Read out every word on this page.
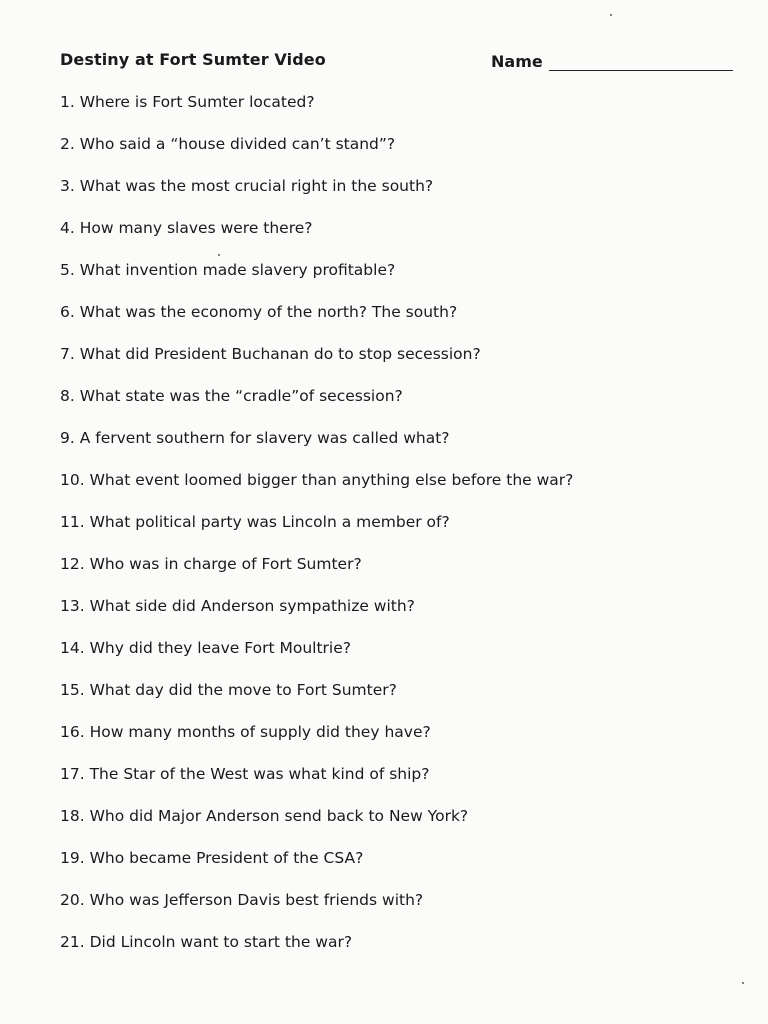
Destiny at Fort Sumter Video	Name
1. Where is Fort Sumter located?
2. Who said a “house divided can’t stand”?
3. What was the most crucial right in the south?
4. How many slaves were there?
5. What invention made slavery profitable?
6. What was the economy of the north? The south?
7. What did President Buchanan do to stop secession?
8. What state was the “cradle”of secession?
9. A fervent southern for slavery was called what?
10. What event loomed bigger than anything else before the war?
11. What political party was Lincoln a member of?
12. Who was in charge of Fort Sumter?
13. What side did Anderson sympathize with?
14. Why did they leave Fort Moultrie?
15. What day did the move to Fort Sumter?
16. How many months of supply did they have?
17. The Star of the West was what kind of ship?
18. Who did Major Anderson send back to New York?
19. Who became President of the CSA?
20. Who was Jefferson Davis best friends with?
21. Did Lincoln want to start the war?
